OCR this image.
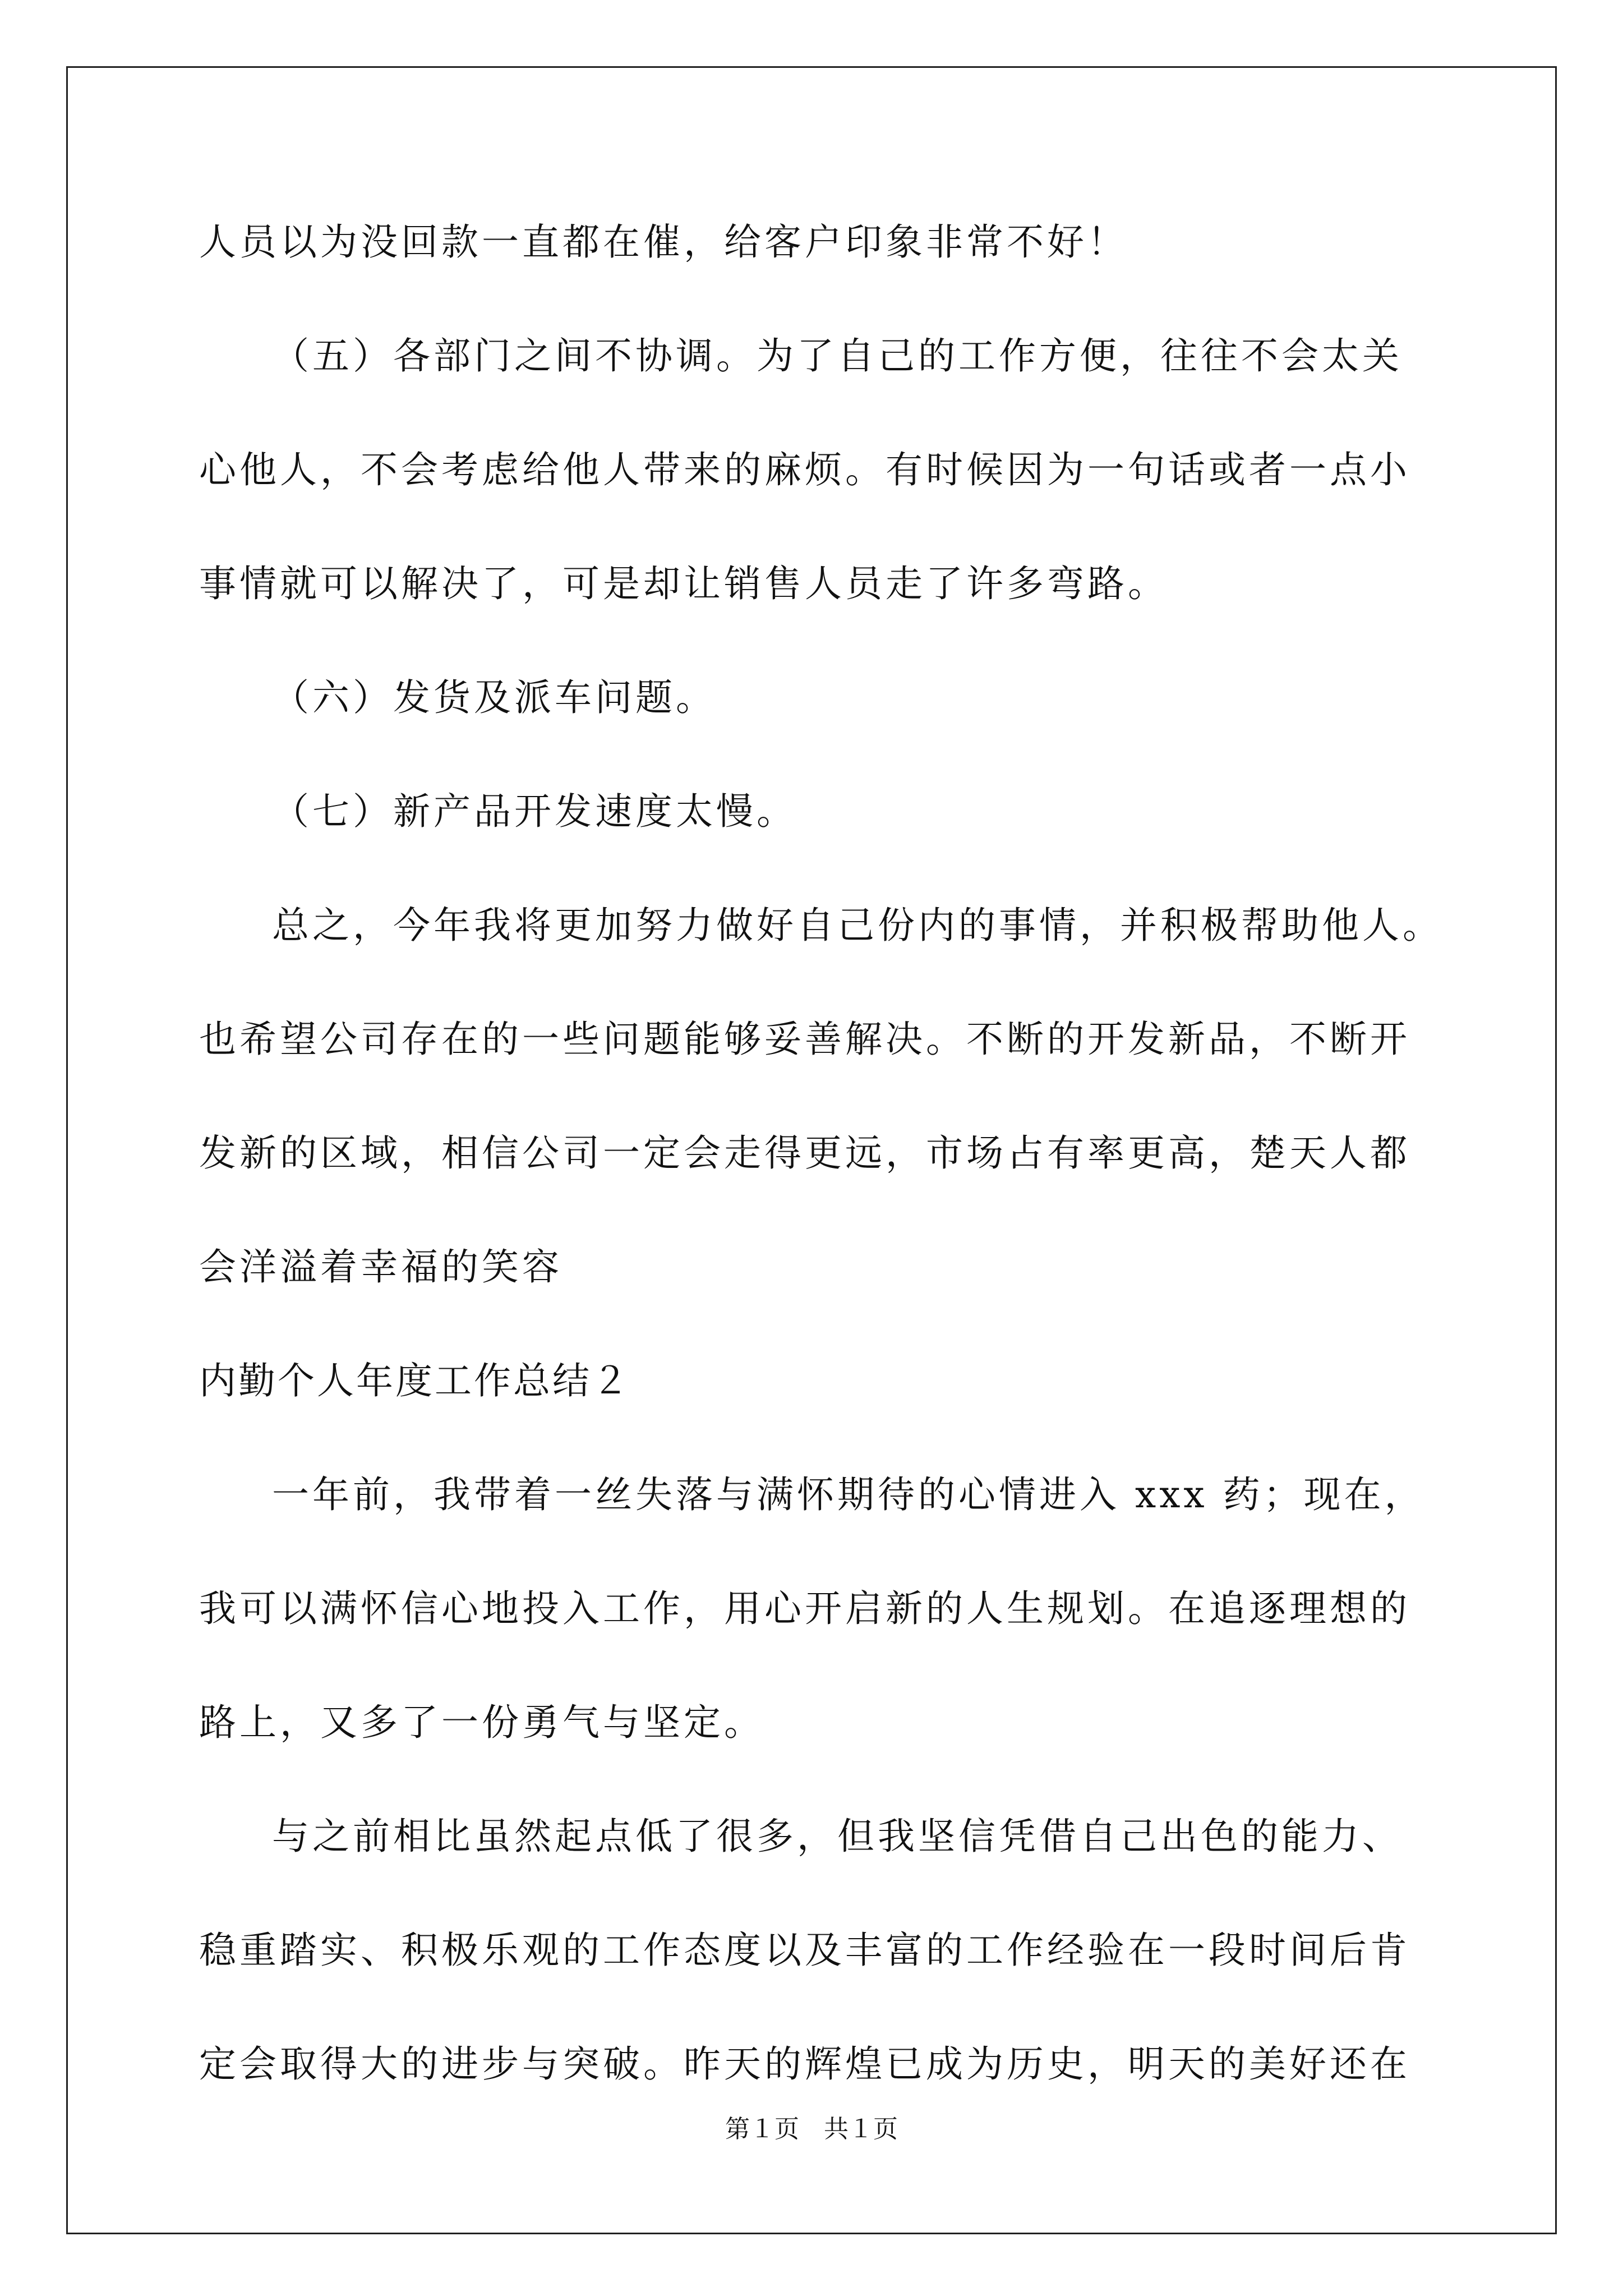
人员以为没回款一直都在催，给客户印象非常不好！
（五）各部门之间不协调。为了自己的工作方便，往往不会太关
心他人，不会考虑给他人带来的麻烦。有时候因为一句话或者一点小
事情就可以解决了，可是却让销售人员走了许多弯路。
（六）发货及派车问题。
（七）新产品开发速度太慢。
总之，今年我将更加努力做好自己份内的事情，并积极帮助他人。
也希望公司存在的一些问题能够妥善解决。不断的开发新品，不断开
发新的区域，相信公司一定会走得更远，市场占有率更高，楚天人都
会洋溢着幸福的笑容
内勤个人年度工作总结２
一年前，我带着一丝失落与满怀期待的心情进入 xxx 药；现在，
我可以满怀信心地投入工作，用心开启新的人生规划。在追逐理想的
路上，又多了一份勇气与坚定。
与之前相比虽然起点低了很多，但我坚信凭借自己出色的能力、
稳重踏实、积极乐观的工作态度以及丰富的工作经验在一段时间后肯
定会取得大的进步与突破。昨天的辉煌已成为历史，明天的美好还在
第１页　共１页
